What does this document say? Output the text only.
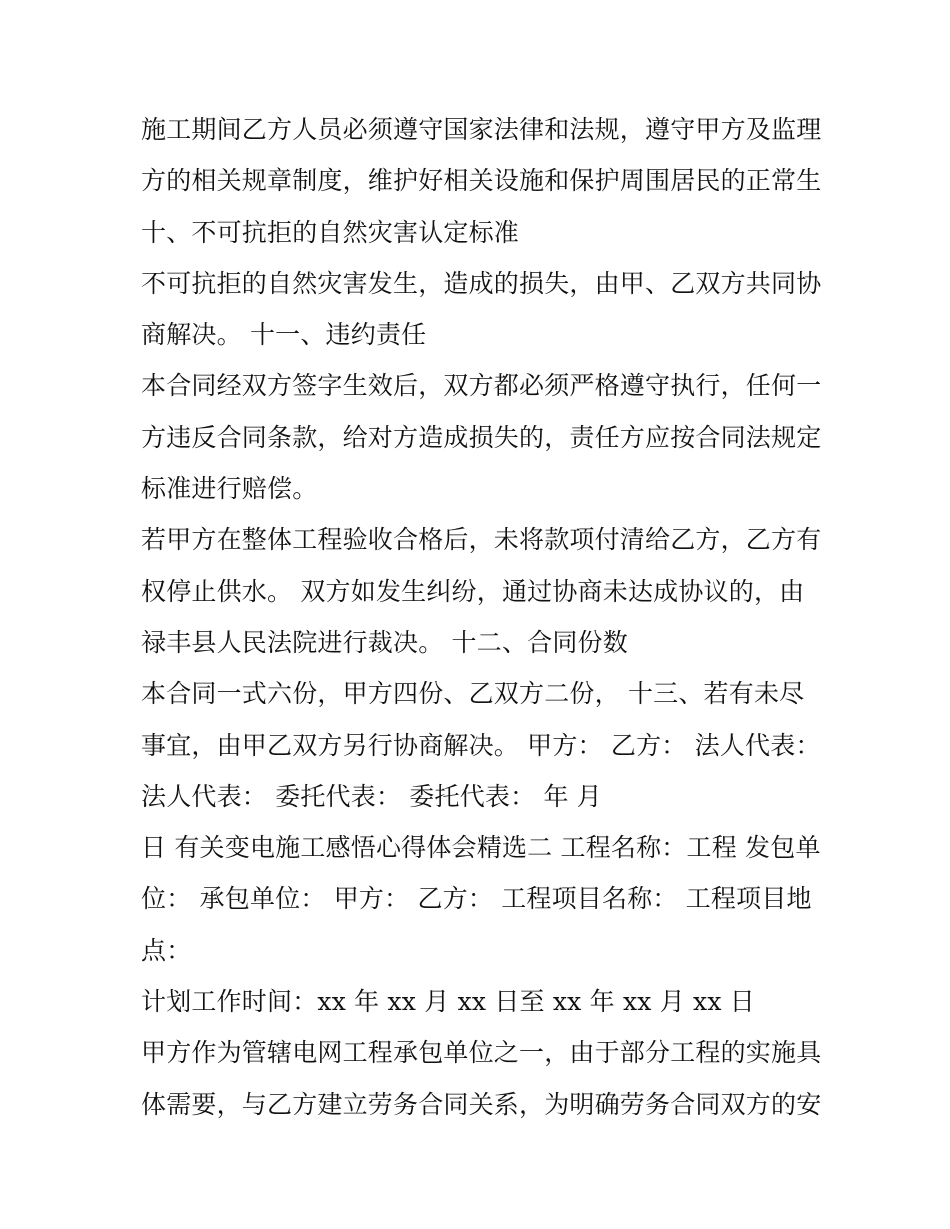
施工期间乙方人员必须遵守国家法律和法规，遵守甲方及监理
方的相关规章制度，维护好相关设施和保护周围居民的正常生
十、不可抗拒的自然灾害认定标准
不可抗拒的自然灾害发生，造成的损失，由甲、乙双方共同协
商解决。 十一、违约责任
本合同经双方签字生效后，双方都必须严格遵守执行，任何一
方违反合同条款，给对方造成损失的，责任方应按合同法规定
标准进行赔偿。
若甲方在整体工程验收合格后，未将款项付清给乙方，乙方有
权停止供水。 双方如发生纠纷，通过协商未达成协议的，由
禄丰县人民法院进行裁决。 十二、合同份数
本合同一式六份，甲方四份、乙双方二份， 十三、若有未尽
事宜，由甲乙双方另行协商解决。 甲方： 乙方： 法人代表：
法人代表： 委托代表： 委托代表： 年 月
日 有关变电施工感悟心得体会精选二 工程名称：工程 发包单
位： 承包单位： 甲方： 乙方： 工程项目名称： 工程项目地
点：
计划工作时间：xx 年 xx 月 xx 日至 xx 年 xx 月 xx 日
甲方作为管辖电网工程承包单位之一，由于部分工程的实施具
体需要，与乙方建立劳务合同关系，为明确劳务合同双方的安
